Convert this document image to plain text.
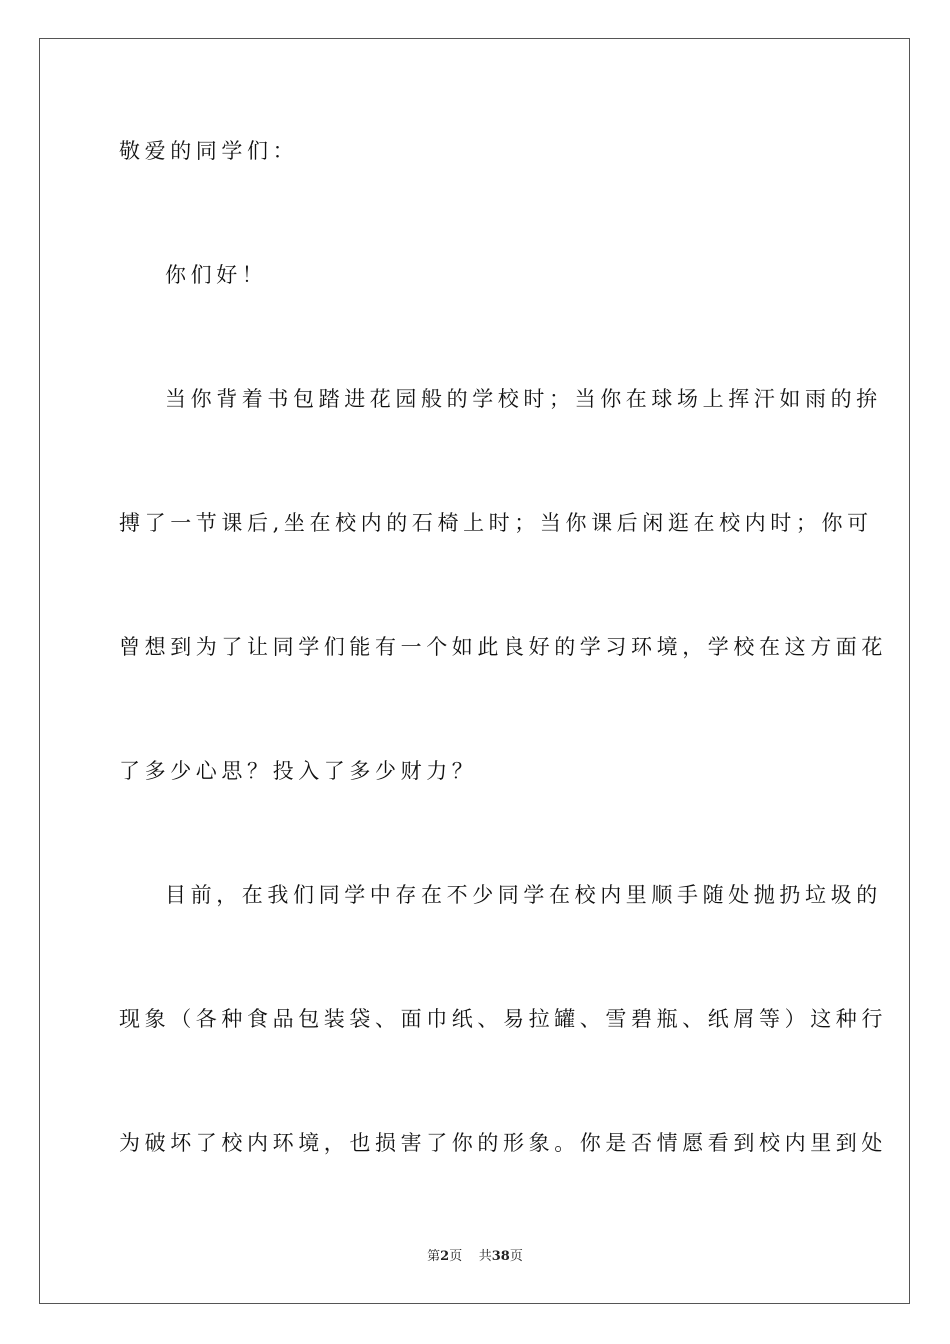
敬爱的同学们：
你们好！
当你背着书包踏进花园般的学校时；当你在球场上挥汗如雨的拚
搏了一节课后,坐在校内的石椅上时；当你课后闲逛在校内时；你可
曾想到为了让同学们能有一个如此良好的学习环境，学校在这方面花
了多少心思？投入了多少财力？
目前，在我们同学中存在不少同学在校内里顺手随处抛扔垃圾的
现象（各种食品包装袋、面巾纸、易拉罐、雪碧瓶、纸屑等）这种行
为破坏了校内环境，也损害了你的形象。你是否情愿看到校内里到处
第2页 共38页
